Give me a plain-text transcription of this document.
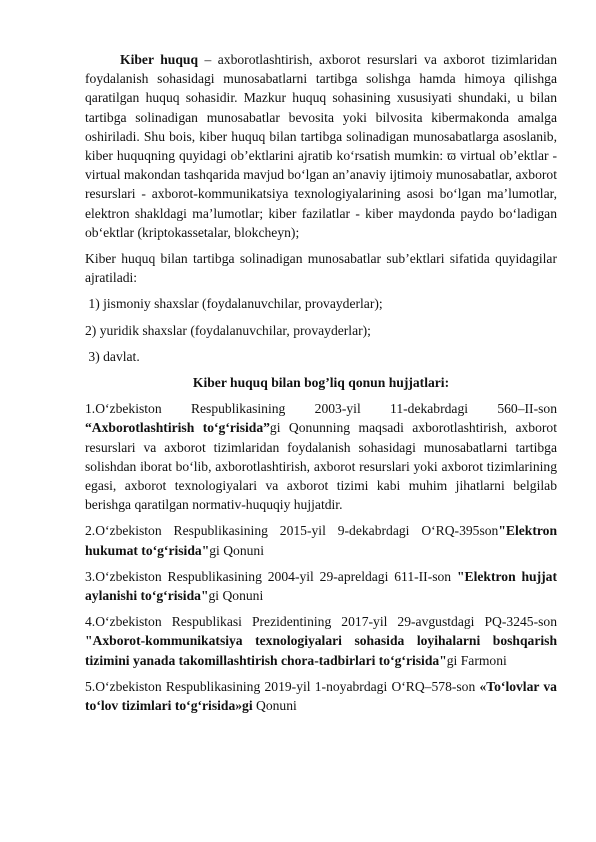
Kiber huquq – axborotlashtirish, axborot resurslari va axborot tizimlaridan foydalanish sohasidagi munosabatlarni tartibga solishga hamda himoya qilishga qaratilgan huquq sohasidir. Mazkur huquq sohasining xususiyati shundaki, u bilan tartibga solinadigan munosabatlar bevosita yoki bilvosita kibermakonda amalga oshiriladi. Shu bois, kiber huquq bilan tartibga solinadigan munosabatlarga asoslanib, kiber huquqning quyidagi ob’ektlarini ajratib ko‘rsatish mumkin: ϖ virtual ob’ektlar - virtual makondan tashqarida mavjud bo‘lgan an’anaviy ijtimoiy munosabatlar, axborot resurslari - axborot-kommunikatsiya texnologiyalarining asosi bo‘lgan ma’lumotlar, elektron shakldagi ma’lumotlar; kiber fazilatlar - kiber maydonda paydo bo‘ladigan ob‘ektlar (kriptokassetalar, blokcheyn);

Kiber huquq bilan tartibga solinadigan munosabatlar sub’ektlari sifatida quyidagilar ajratiladi:

1) jismoniy shaxslar (foydalanuvchilar, provayderlar);

2) yuridik shaxslar (foydalanuvchilar, provayderlar);

3) davlat.

Kiber huquq bilan bog’liq qonun hujjatlari:

1.O‘zbekiston Respublikasining 2003-yil 11-dekabrdagi 560–II-son “Axborotlashtirish to‘g‘risida”gi Qonunning maqsadi axborotlashtirish, axborot resurslari va axborot tizimlaridan foydalanish sohasidagi munosabatlarni tartibga solishdan iborat bo‘lib, axborotlashtirish, axborot resurslari yoki axborot tizimlarining egasi, axborot texnologiyalari va axborot tizimi kabi muhim jihatlarni belgilab berishga qaratilgan normativ-huquqiy hujjatdir.

2.O‘zbekiston Respublikasining 2015-yil 9-dekabrdagi O‘RQ-395son"Elektron hukumat to‘g‘risida"gi Qonuni

3.O‘zbekiston Respublikasining 2004-yil 29-apreldagi 611-II-son "Elektron hujjat aylanishi to‘g‘risida"gi Qonuni

4.O‘zbekiston Respublikasi Prezidentining 2017-yil 29-avgustdagi PQ-3245-son "Axborot-kommunikatsiya texnologiyalari sohasida loyihalarni boshqarish tizimini yanada takomillashtirish chora-tadbirlari to‘g‘risida"gi Farmoni

5.O‘zbekiston Respublikasining 2019-yil 1-noyabrdagi O‘RQ–578-son «To‘lovlar va to‘lov tizimlari to‘g‘risida»gi Qonuni
